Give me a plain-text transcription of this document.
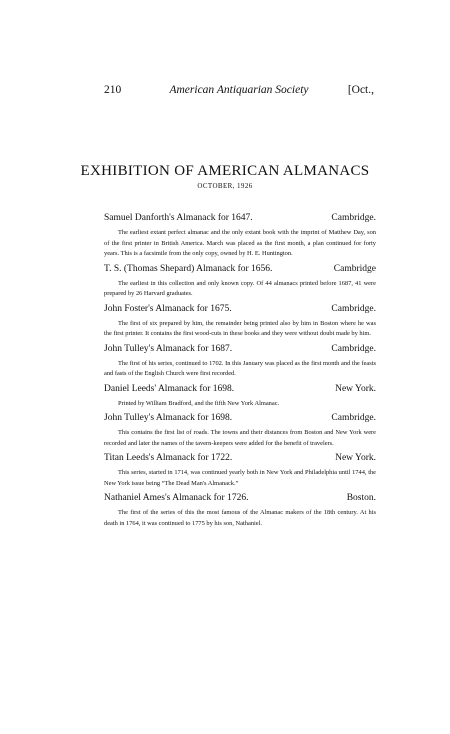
210	American Antiquarian Society	[Oct.,
EXHIBITION OF AMERICAN ALMANACS
OCTOBER, 1926
Samuel Danforth's Almanack for 1647.	Cambridge.
The earliest extant perfect almanac and the only extant book with the imprint of Matthew Day, son of the first printer in British America. March was placed as the first month, a plan continued for forty years. This is a facsimile from the only copy, owned by H. E. Huntington.
T. S. (Thomas Shepard) Almanack for 1656.	Cambridge
The earliest in this collection and only known copy. Of 44 almanacs printed before 1687, 41 were prepared by 26 Harvard graduates.
John Foster's Almanack for 1675.	Cambridge.
The first of six prepared by him, the remainder being printed also by him in Boston where he was the first printer. It contains the first wood-cuts in these books and they were without doubt made by him.
John Tulley's Almanack for 1687.	Cambridge.
The first of his series, continued to 1702. In this January was placed as the first month and the feasts and fasts of the English Church were first recorded.
Daniel Leeds' Almanack for 1698.	New York.
Printed by William Bradford, and the fifth New York Almanac.
John Tulley's Almanack for 1698.	Cambridge.
This contains the first list of roads. The towns and their distances from Boston and New York were recorded and later the names of the tavern-keepers were added for the benefit of travelers.
Titan Leeds's Almanack for 1722.	New York.
This series, started in 1714, was continued yearly both in New York and Philadelphia until 1744, the New York issue being “The Dead Man's Almanack.”
Nathaniel Ames's Almanack for 1726.	Boston.
The first of the series of this the most famous of the Almanac makers of the 18th century. At his death in 1764, it was continued to 1775 by his son, Nathaniel.
